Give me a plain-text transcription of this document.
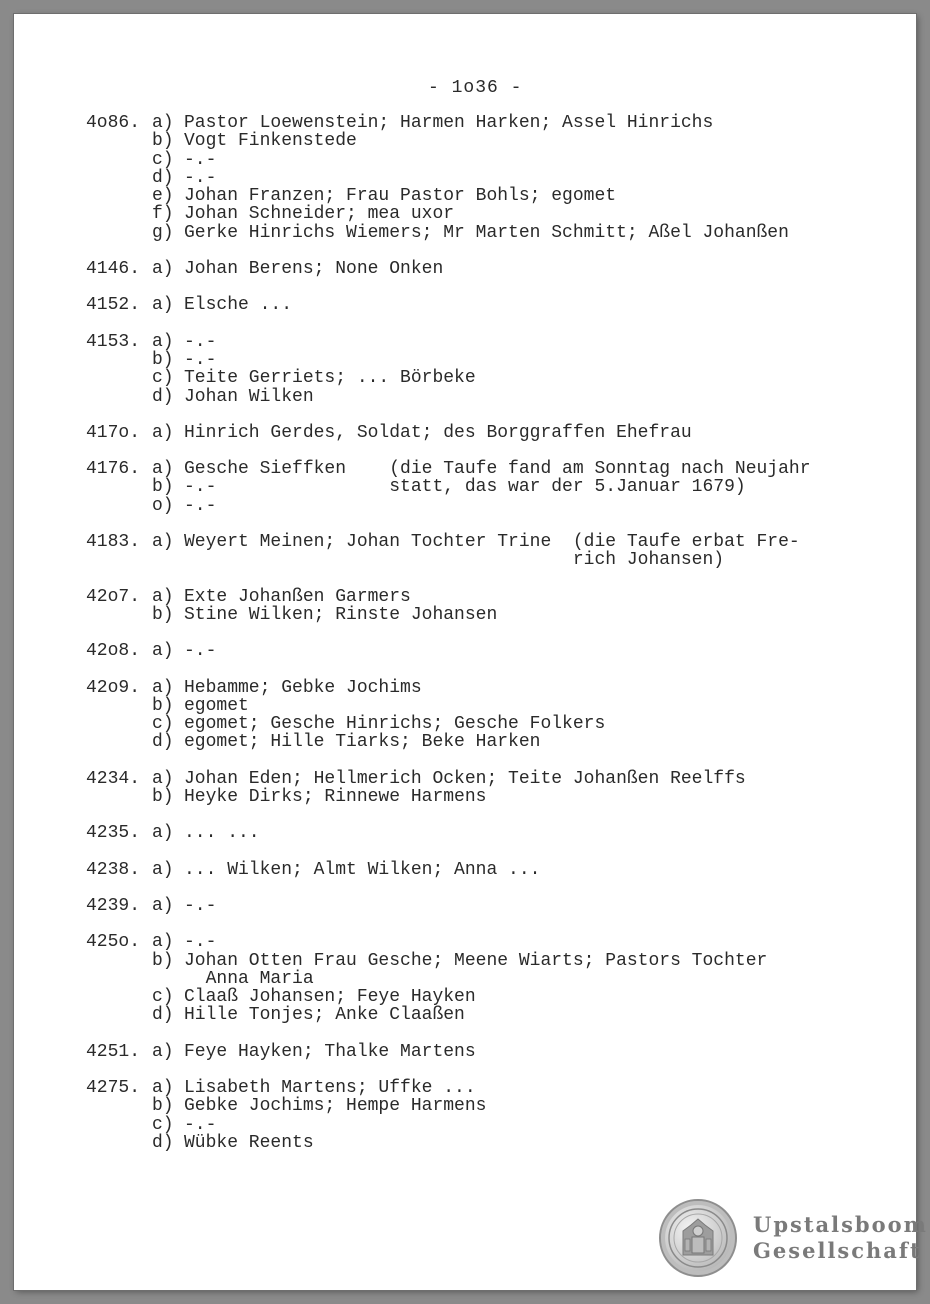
- 1o36 -
4o86. a) Pastor Loewenstein; Harmen Harken; Assel Hinrichs
b) Vogt Finkenstede
c) -.-
d) -.-
e) Johan Franzen; Frau Pastor Bohls; egomet
f) Johan Schneider; mea uxor
g) Gerke Hinrichs Wiemers; Mr Marten Schmitt; Aßel Johanßen
4146. a) Johan Berens; None Onken
4152. a) Elsche ...
4153. a) -.-
b) -.-
c) Teite Gerriets; ... Börbeke
d) Johan Wilken
417o. a) Hinrich Gerdes, Soldat; des Borggraffen Ehefrau
4176. a) Gesche Sieffken    (die Taufe fand am Sonntag nach Neujahr
b) -.-                statt, das war der 5.Januar 1679)
o) -.-
4183. a) Weyert Meinen; Johan Tochter Trine  (die Taufe erbat Fre-
rich Johansen)
42o7. a) Exte Johanßen Garmers
b) Stine Wilken; Rinste Johansen
42o8. a) -.-
42o9. a) Hebamme; Gebke Jochims
b) egomet
c) egomet; Gesche Hinrichs; Gesche Folkers
d) egomet; Hille Tiarks; Beke Harken
4234. a) Johan Eden; Hellmerich Ocken; Teite Johanßen Reelffs
b) Heyke Dirks; Rinnewe Harmens
4235. a) ... ...
4238. a) ... Wilken; Almt Wilken; Anna ...
4239. a) -.-
425o. a) -.-
b) Johan Otten Frau Gesche; Meene Wiarts; Pastors Tochter
Anna Maria
c) Claaß Johansen; Feye Hayken
d) Hille Tonjes; Anke Claaßen
4251. a) Feye Hayken; Thalke Martens
4275. a) Lisabeth Martens; Uffke ...
b) Gebke Jochims; Hempe Harmens
c) -.-
d) Wübke Reents
Upstalsboom
Gesellschaft
